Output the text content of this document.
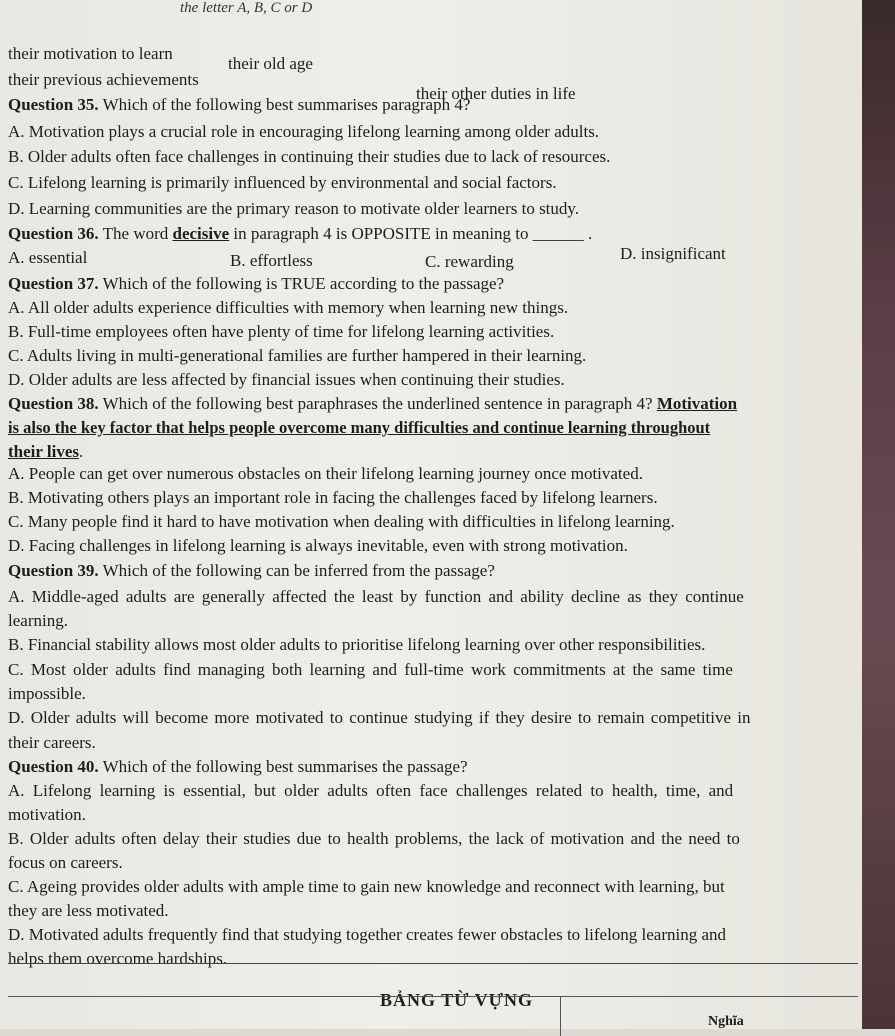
the letter A, B, C or D
their motivation to learn
their old age
their previous achievements
their other duties in life
Question 35. Which of the following best summarises paragraph 4?
A. Motivation plays a crucial role in encouraging lifelong learning among older adults.
B. Older adults often face challenges in continuing their studies due to lack of resources.
C. Lifelong learning is primarily influenced by environmental and social factors.
D. Learning communities are the primary reason to motivate older learners to study.
Question 36. The word decisive in paragraph 4 is OPPOSITE in meaning to ______ .
A. essential	B. effortless	C. rewarding	D. insignificant
Question 37. Which of the following is TRUE according to the passage?
A. All older adults experience difficulties with memory when learning new things.
B. Full-time employees often have plenty of time for lifelong learning activities.
C. Adults living in multi-generational families are further hampered in their learning.
D. Older adults are less affected by financial issues when continuing their studies.
Question 38. Which of the following best paraphrases the underlined sentence in paragraph 4? Motivation
is also the key factor that helps people overcome many difficulties and continue learning throughout
their lives.
A. People can get over numerous obstacles on their lifelong learning journey once motivated.
B. Motivating others plays an important role in facing the challenges faced by lifelong learners.
C. Many people find it hard to have motivation when dealing with difficulties in lifelong learning.
D. Facing challenges in lifelong learning is always inevitable, even with strong motivation.
Question 39. Which of the following can be inferred from the passage?
A. Middle-aged adults are generally affected the least by function and ability decline as they continue
learning.
B. Financial stability allows most older adults to prioritise lifelong learning over other responsibilities.
C. Most older adults find managing both learning and full-time work commitments at the same time
impossible.
D. Older adults will become more motivated to continue studying if they desire to remain competitive in
their careers.
Question 40. Which of the following best summarises the passage?
A. Lifelong learning is essential, but older adults often face challenges related to health, time, and
motivation.
B. Older adults often delay their studies due to health problems, the lack of motivation and the need to
focus on careers.
C. Ageing provides older adults with ample time to gain new knowledge and reconnect with learning, but
they are less motivated.
D. Motivated adults frequently find that studying together creates fewer obstacles to lifelong learning and
helps them overcome hardships.
BẢNG TỪ VỰNG
Nghĩa
